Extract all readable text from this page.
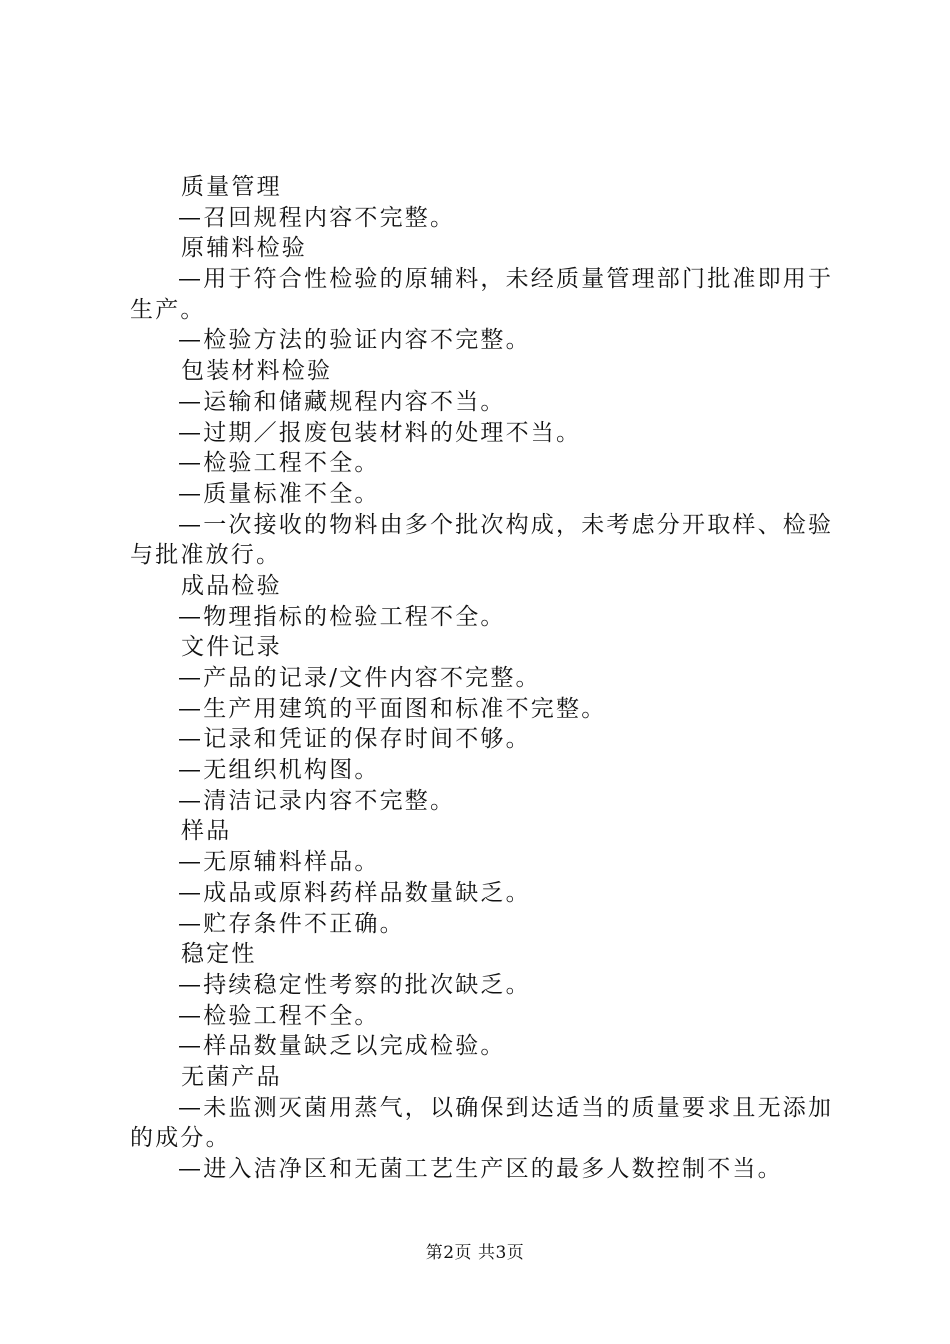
质量管理
—召回规程内容不完整。
原辅料检验
—用于符合性检验的原辅料，未经质量管理部门批准即用于
生产。
—检验方法的验证内容不完整。
包装材料检验
—运输和储藏规程内容不当。
—过期／报废包装材料的处理不当。
—检验工程不全。
—质量标准不全。
—一次接收的物料由多个批次构成，未考虑分开取样、检验
与批准放行。
成品检验
—物理指标的检验工程不全。
文件记录
—产品的记录/文件内容不完整。
—生产用建筑的平面图和标准不完整。
—记录和凭证的保存时间不够。
—无组织机构图。
—清洁记录内容不完整。
样品
—无原辅料样品。
—成品或原料药样品数量缺乏。
—贮存条件不正确。
稳定性
—持续稳定性考察的批次缺乏。
—检验工程不全。
—样品数量缺乏以完成检验。
无菌产品
—未监测灭菌用蒸气，以确保到达适当的质量要求且无添加
的成分。
—进入洁净区和无菌工艺生产区的最多人数控制不当。
第2页 共3页
